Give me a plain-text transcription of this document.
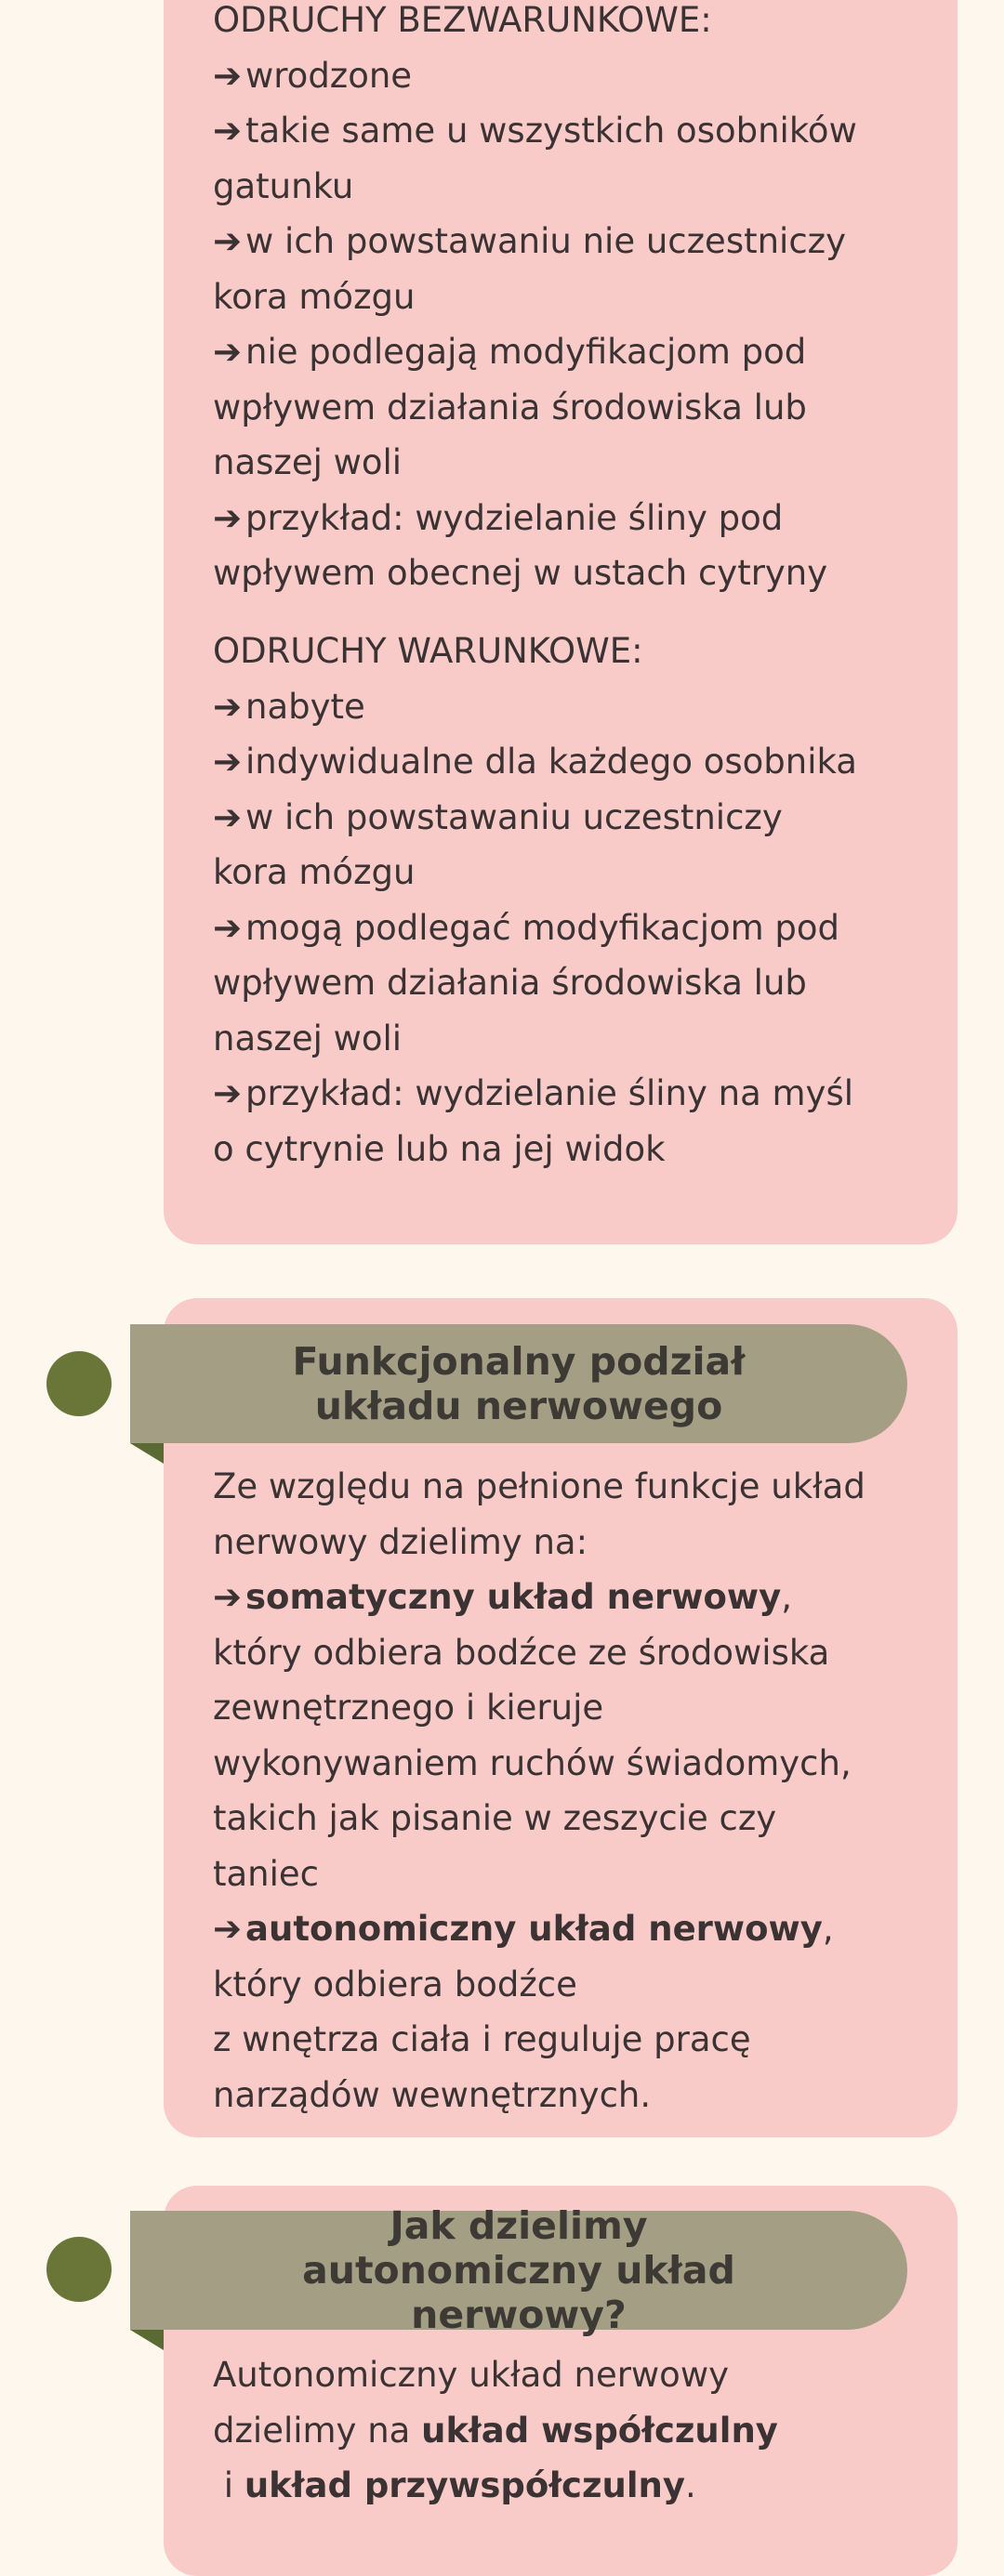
ODRUCHY BEZWARUNKOWE:
➔ wrodzone
➔ takie same u wszystkich osobników
gatunku
➔ w ich powstawaniu nie uczestniczy
kora mózgu
➔ nie podlegają modyfikacjom pod
wpływem działania środowiska lub
naszej woli
➔ przykład: wydzielanie śliny pod
wpływem obecnej w ustach cytryny
ODRUCHY WARUNKOWE:
➔ nabyte
➔ indywidualne dla każdego osobnika
➔ w ich powstawaniu uczestniczy
kora mózgu
➔ mogą podlegać modyfikacjom pod
wpływem działania środowiska lub
naszej woli
➔ przykład: wydzielanie śliny na myśl
o cytrynie lub na jej widok
Funkcjonalny podział układu nerwowego
Ze względu na pełnione funkcje układ
nerwowy dzielimy na:
➔ somatyczny układ nerwowy,
który odbiera bodźce ze środowiska
zewnętrznego i kieruje
wykonywaniem ruchów świadomych,
takich jak pisanie w zeszycie czy
taniec
➔ autonomiczny układ nerwowy,
który odbiera bodźce
z wnętrza ciała i reguluje pracę
narządów wewnętrznych.
Jak dzielimy autonomiczny układ nerwowy?
Autonomiczny układ nerwowy
dzielimy na układ współczulny
i układ przywspółczulny.
